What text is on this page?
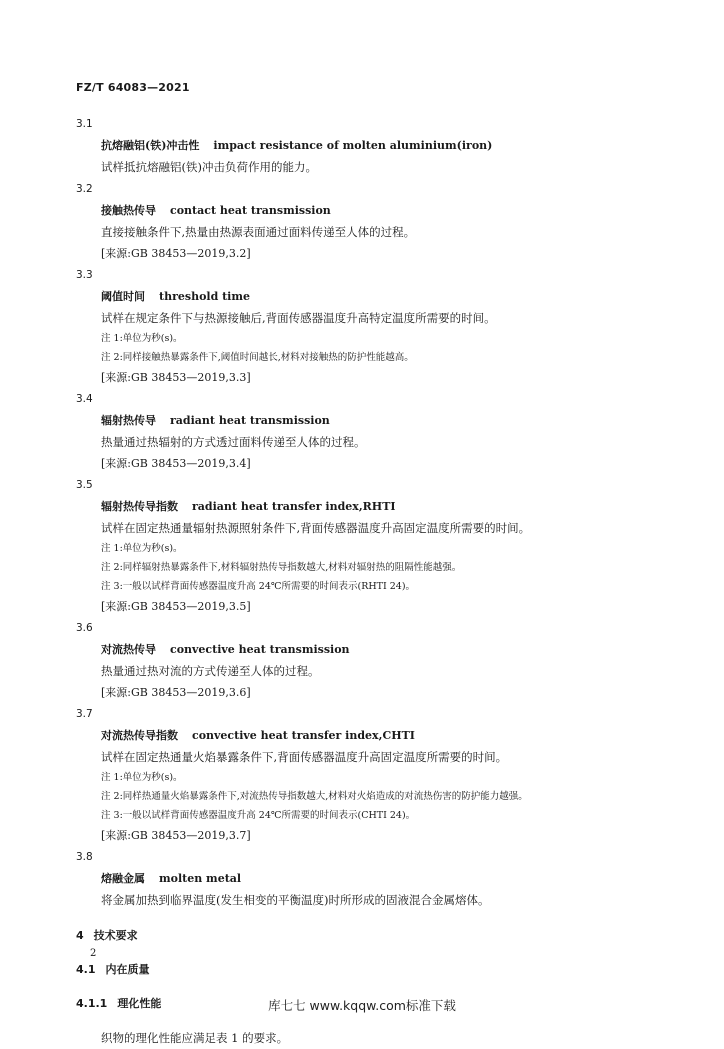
FZ/T 64083—2021
3.1
抗熔融铝(铁)冲击性 impact resistance of molten aluminium(iron)
试样抵抗熔融铝(铁)冲击负荷作用的能力。
3.2
接触热传导 contact heat transmission
直接接触条件下,热量由热源表面通过面料传递至人体的过程。
[来源:GB 38453—2019,3.2]
3.3
阈值时间 threshold time
试样在规定条件下与热源接触后,背面传感器温度升高特定温度所需要的时间。
注 1:单位为秒(s)。
注 2:同样接触热暴露条件下,阈值时间越长,材料对接触热的防护性能越高。
[来源:GB 38453—2019,3.3]
3.4
辐射热传导 radiant heat transmission
热量通过热辐射的方式透过面料传递至人体的过程。
[来源:GB 38453—2019,3.4]
3.5
辐射热传导指数 radiant heat transfer index,RHTI
试样在固定热通量辐射热源照射条件下,背面传感器温度升高固定温度所需要的时间。
注 1:单位为秒(s)。
注 2:同样辐射热暴露条件下,材料辐射热传导指数越大,材料对辐射热的阻隔性能越强。
注 3:一般以试样背面传感器温度升高 24℃所需要的时间表示(RHTI 24)。
[来源:GB 38453—2019,3.5]
3.6
对流热传导 convective heat transmission
热量通过热对流的方式传递至人体的过程。
[来源:GB 38453—2019,3.6]
3.7
对流热传导指数 convective heat transfer index,CHTI
试样在固定热通量火焰暴露条件下,背面传感器温度升高固定温度所需要的时间。
注 1:单位为秒(s)。
注 2:同样热通量火焰暴露条件下,对流热传导指数越大,材料对火焰造成的对流热伤害的防护能力越强。
注 3:一般以试样背面传感器温度升高 24℃所需要的时间表示(CHTI 24)。
[来源:GB 38453—2019,3.7]
3.8
熔融金属 molten metal
将金属加热到临界温度(发生相变的平衡温度)时所形成的固液混合金属熔体。
4 技术要求
4.1 内在质量
4.1.1 理化性能
织物的理化性能应满足表 1 的要求。
2
库七七 www.kqqw.com标准下载
